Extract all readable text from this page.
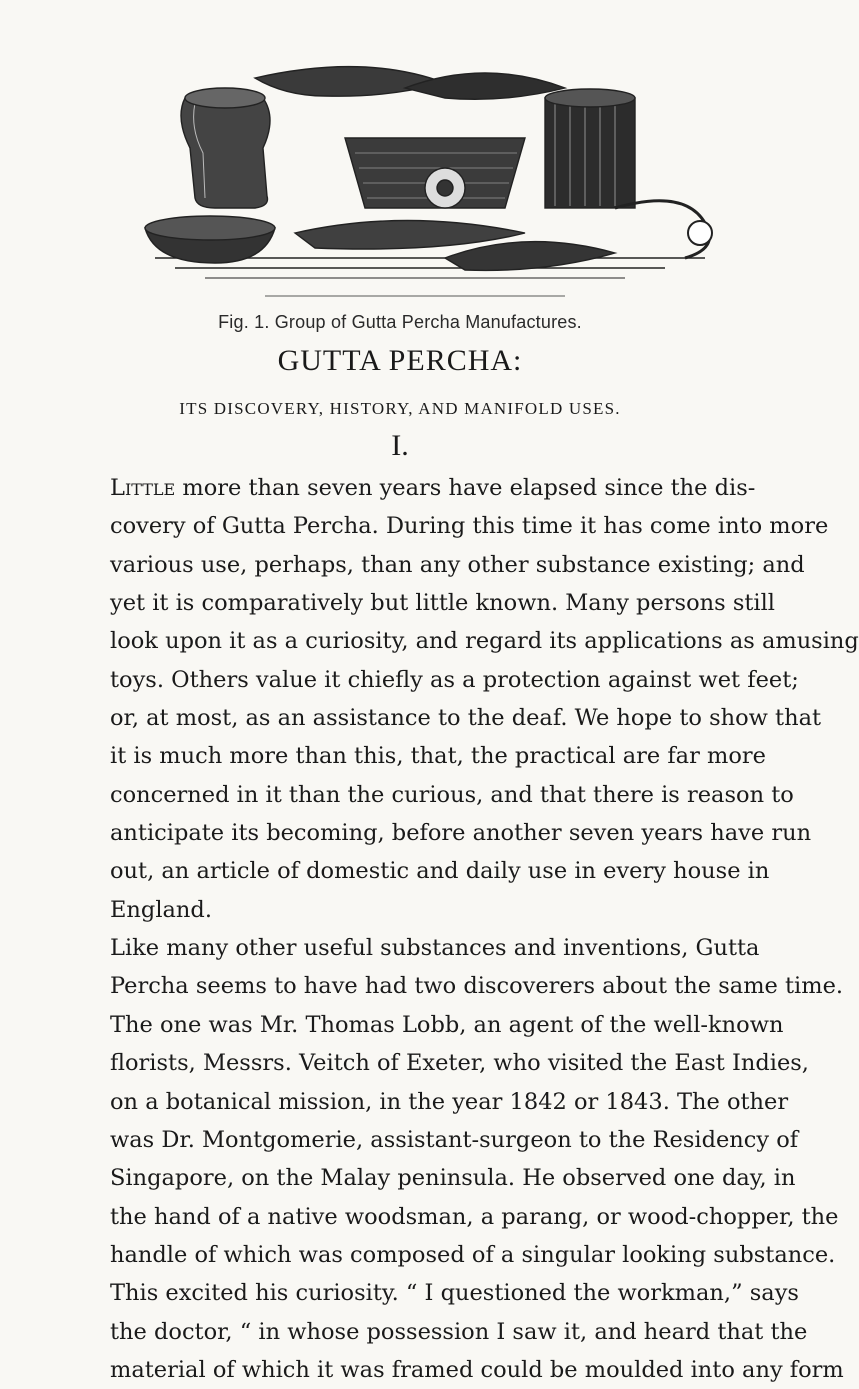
Fig. 1. Group of Gutta Percha Manufactures.
GUTTA PERCHA:
ITS DISCOVERY, HISTORY, AND MANIFOLD USES.
I.
Little more than seven years have elapsed since the dis-
covery of Gutta Percha. During this time it has come into more
various use, perhaps, than any other substance existing; and
yet it is comparatively but little known. Many persons still
look upon it as a curiosity, and regard its applications as amusing
toys. Others value it chiefly as a protection against wet feet;
or, at most, as an assistance to the deaf. We hope to show that
it is much more than this, that, the practical are far more
concerned in it than the curious, and that there is reason to
anticipate its becoming, before another seven years have run
out, an article of domestic and daily use in every house in
England.
Like many other useful substances and inventions, Gutta
Percha seems to have had two discoverers about the same time.
The one was Mr. Thomas Lobb, an agent of the well-known
florists, Messrs. Veitch of Exeter, who visited the East Indies,
on a botanical mission, in the year 1842 or 1843. The other
was Dr. Montgomerie, assistant-surgeon to the Residency of
Singapore, on the Malay peninsula. He observed one day, in
the hand of a native woodsman, a parang, or wood-chopper, the
handle of which was composed of a singular looking substance.
This excited his curiosity. “ I questioned the workman,” says
the doctor, “ in whose possession I saw it, and heard that the
material of which it was framed could be moulded into any form
